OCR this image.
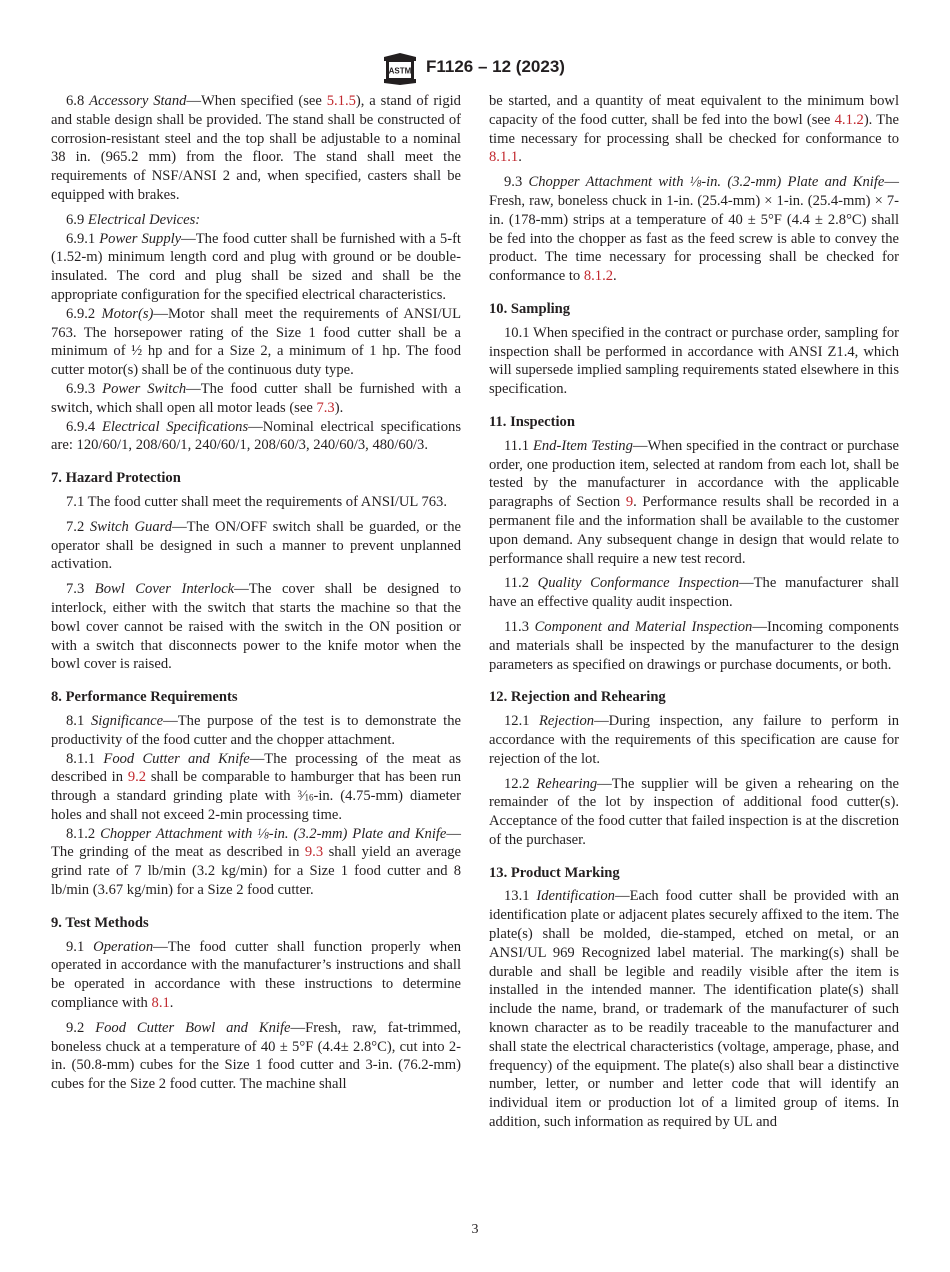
ASTM F1126 – 12 (2023)

6.8 Accessory Stand—When specified (see 5.1.5), a stand of rigid and stable design shall be provided. The stand shall be constructed of corrosion-resistant steel and the top shall be adjustable to a nominal 38 in. (965.2 mm) from the floor. The stand shall meet the requirements of NSF/ANSI 2 and, when specified, casters shall be equipped with brakes.

6.9 Electrical Devices:

6.9.1 Power Supply—The food cutter shall be furnished with a 5-ft (1.52-m) minimum length cord and plug with ground or be double-insulated. The cord and plug shall be sized and shall be the appropriate configuration for the specified electrical characteristics.

6.9.2 Motor(s)—Motor shall meet the requirements of ANSI/UL 763. The horsepower rating of the Size 1 food cutter shall be a minimum of ½ hp and for a Size 2, a minimum of 1 hp. The food cutter motor(s) shall be of the continuous duty type.

6.9.3 Power Switch—The food cutter shall be furnished with a switch, which shall open all motor leads (see 7.3).

6.9.4 Electrical Specifications—Nominal electrical specifications are: 120/60/1, 208/60/1, 240/60/1, 208/60/3, 240/60/3, 480/60/3.

7. Hazard Protection

7.1 The food cutter shall meet the requirements of ANSI/UL 763.

7.2 Switch Guard—The ON/OFF switch shall be guarded, or the operator shall be designed in such a manner to prevent unplanned activation.

7.3 Bowl Cover Interlock—The cover shall be designed to interlock, either with the switch that starts the machine so that the bowl cover cannot be raised with the switch in the ON position or with a switch that disconnects power to the knife motor when the bowl cover is raised.

8. Performance Requirements

8.1 Significance—The purpose of the test is to demonstrate the productivity of the food cutter and the chopper attachment.

8.1.1 Food Cutter and Knife—The processing of the meat as described in 9.2 shall be comparable to hamburger that has been run through a standard grinding plate with $^3⁄_{16}-in$. (4.75-mm) diameter holes and shall not exceed 2-min processing time.

8.1.2 Chopper Attachment with $^1⁄_8-in$. (3.2-mm) Plate and Knife—The grinding of the meat as described in 9.3 shall yield an average grind rate of 7 lb/min (3.2 kg/min) for a Size 1 food cutter and 8 lb/min (3.67 kg/min) for a Size 2 food cutter.

9. Test Methods

9.1 Operation—The food cutter shall function properly when operated in accordance with the manufacturer’s instructions and shall be operated in accordance with these instructions to determine compliance with 8.1.

9.2 Food Cutter Bowl and Knife—Fresh, raw, fat-trimmed, boneless chuck at a temperature of 40 ± 5°F (4.4± 2.8°C), cut into 2-in. (50.8-mm) cubes for the Size 1 food cutter and 3-in. (76.2-mm) cubes for the Size 2 food cutter. The machine shall

be started, and a quantity of meat equivalent to the minimum bowl capacity of the food cutter, shall be fed into the bowl (see 4.1.2). The time necessary for processing shall be checked for conformance to 8.1.1.

9.3 Chopper Attachment with $^1⁄_8-in$. (3.2-mm) Plate and Knife—Fresh, raw, boneless chuck in 1-in. (25.4-mm) × 1-in. (25.4-mm) × 7-in. (178-mm) strips at a temperature of 40 ± 5°F (4.4 ± 2.8°C) shall be fed into the chopper as fast as the feed screw is able to convey the product. The time necessary for processing shall be checked for conformance to 8.1.2.

10. Sampling

10.1 When specified in the contract or purchase order, sampling for inspection shall be performed in accordance with ANSI Z1.4, which will supersede implied sampling requirements stated elsewhere in this specification.

11. Inspection

11.1 End-Item Testing—When specified in the contract or purchase order, one production item, selected at random from each lot, shall be tested by the manufacturer in accordance with the applicable paragraphs of Section 9. Performance results shall be recorded in a permanent file and the information shall be available to the customer upon demand. Any subsequent change in design that would relate to performance shall require a new test record.

11.2 Quality Conformance Inspection—The manufacturer shall have an effective quality audit inspection.

11.3 Component and Material Inspection—Incoming components and materials shall be inspected by the manufacturer to the design parameters as specified on drawings or purchase documents, or both.

12. Rejection and Rehearing

12.1 Rejection—During inspection, any failure to perform in accordance with the requirements of this specification are cause for rejection of the lot.

12.2 Rehearing—The supplier will be given a rehearing on the remainder of the lot by inspection of additional food cutter(s). Acceptance of the food cutter that failed inspection is at the discretion of the purchaser.

13. Product Marking

13.1 Identification—Each food cutter shall be provided with an identification plate or adjacent plates securely affixed to the item. The plate(s) shall be molded, die-stamped, etched on metal, or an ANSI/UL 969 Recognized label material. The marking(s) shall be durable and shall be legible and readily visible after the item is installed in the intended manner. The identification plate(s) shall include the name, brand, or trademark of the manufacturer of such known character as to be readily traceable to the manufacturer and shall state the electrical characteristics (voltage, amperage, phase, and frequency) of the equipment. The plate(s) also shall bear a distinctive number, letter, or number and letter code that will identify an individual item or production lot of a limited group of items. In addition, such information as required by UL and

3
